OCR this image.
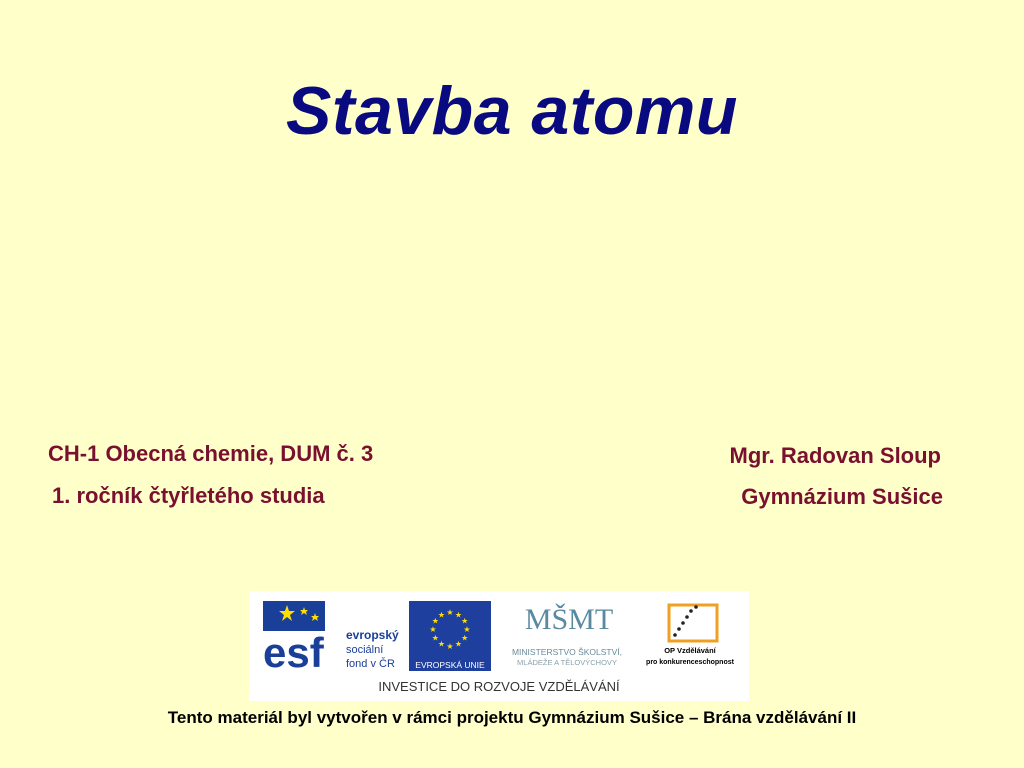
Stavba atomu
CH-1 Obecná chemie, DUM č. 3
1. ročník čtyřletého studia
Mgr. Radovan Sloup
Gymnázium Sušice
esf evropský
sociální
fond v ČR
★ ★
★
★
★
★
★
★
★
★
★
★
EVROPSKÁ UNIE
MŠMT
MINISTERSTVO ŠKOLSTVÍ,
MLÁDEŽE A TĚLOVÝCHOVY
OP Vzdělávání
pro konkurenceschopnost
INVESTICE DO ROZVOJE VZDĚLÁVÁNÍ
Tento materiál byl vytvořen v rámci projektu Gymnázium Sušice – Brána vzdělávání II
